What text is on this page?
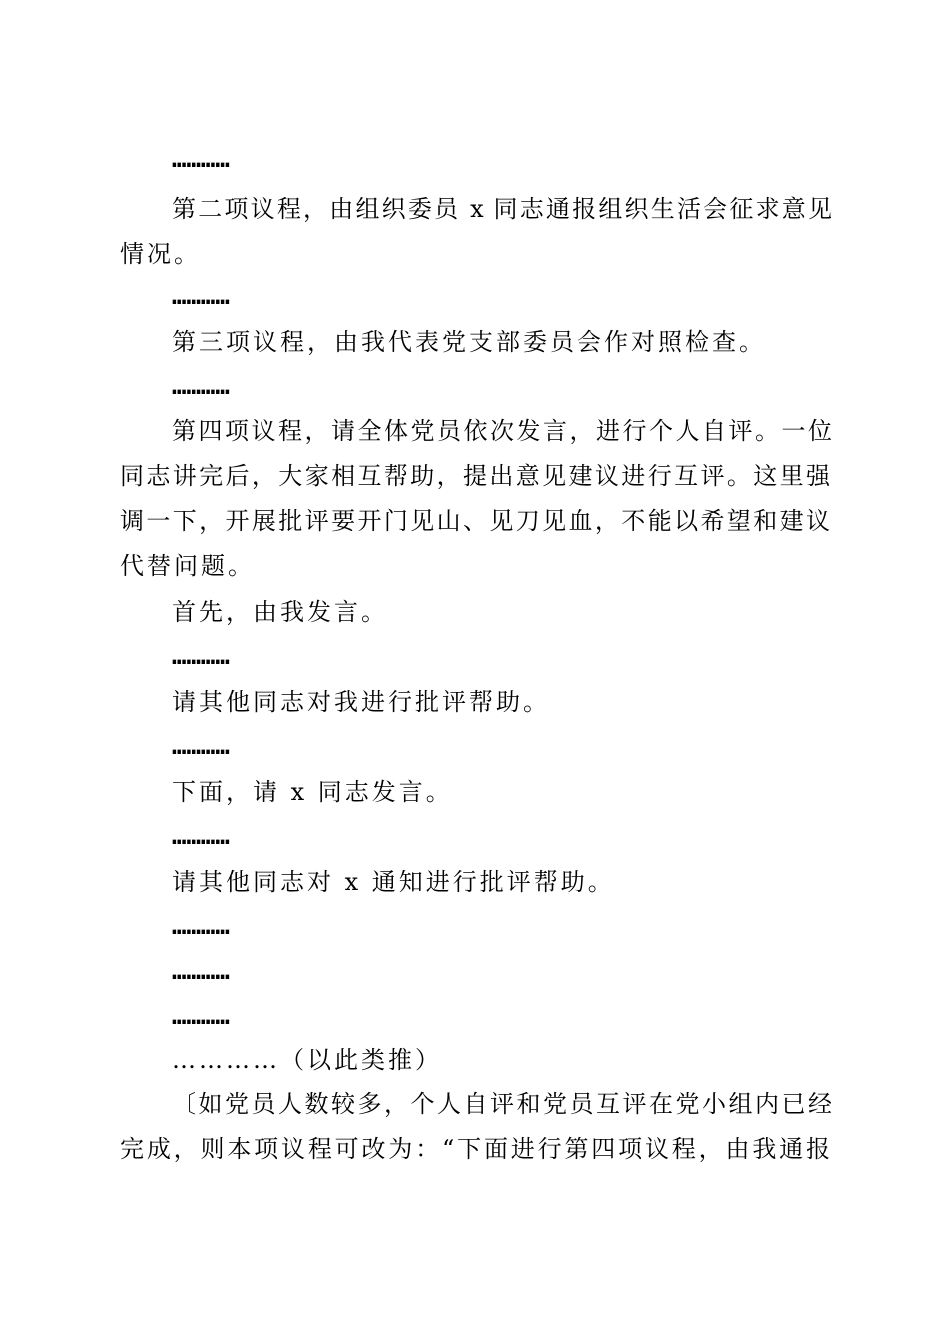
…………
第二项议程，由组织委员 x 同志通报组织生活会征求意见
情况。
…………
第三项议程，由我代表党支部委员会作对照检查。
…………
第四项议程，请全体党员依次发言，进行个人自评。一位
同志讲完后，大家相互帮助，提出意见建议进行互评。这里强
调一下，开展批评要开门见山、见刀见血，不能以希望和建议
代替问题。
首先，由我发言。
…………
请其他同志对我进行批评帮助。
…………
下面，请 x 同志发言。
…………
请其他同志对 x 通知进行批评帮助。
…………
…………
…………
…………（以此类推）
〔如党员人数较多，个人自评和党员互评在党小组内已经
完成，则本项议程可改为：“下面进行第四项议程，由我通报
